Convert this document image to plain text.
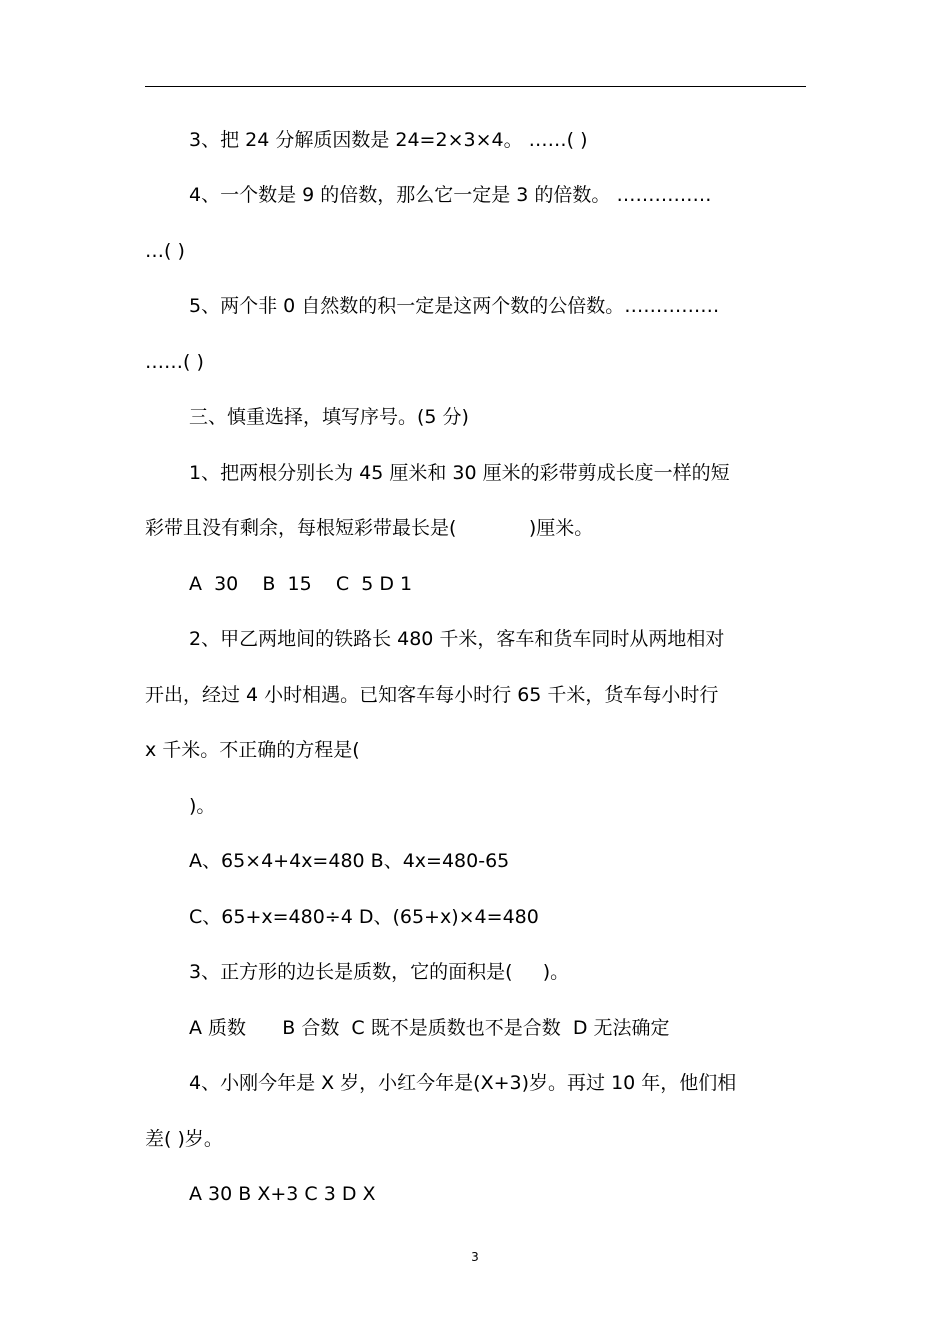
3、把 24 分解质因数是 24=2×3×4。 ……( )
4、一个数是 9 的倍数，那么它一定是 3 的倍数。 ……………
…( )
5、两个非 0 自然数的积一定是这两个数的公倍数。……………
……( )
三、慎重选择，填写序号。(5 分)
1、把两根分别长为 45 厘米和 30 厘米的彩带剪成长度一样的短
彩带且没有剩余，每根短彩带最长是(            )厘米。
A  30    B  15    C  5 D 1
2、甲乙两地间的铁路长 480 千米，客车和货车同时从两地相对
开出，经过 4 小时相遇。已知客车每小时行 65 千米，货车每小时行
x 千米。不正确的方程是(
)。
A、65×4+4x=480 B、4x=480-65
C、65+x=480÷4 D、(65+x)×4=480
3、正方形的边长是质数，它的面积是(     )。
A 质数      B 合数  C 既不是质数也不是合数  D 无法确定
4、小刚今年是 X 岁，小红今年是(X+3)岁。再过 10 年，他们相
差( )岁。
A 30 B X+3 C 3 D X
3
